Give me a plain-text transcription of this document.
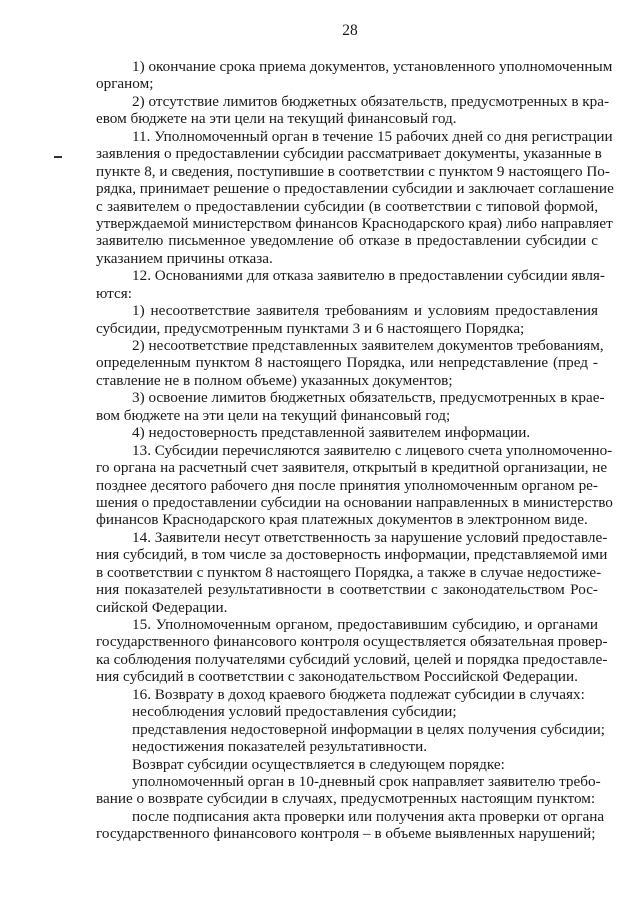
28
1) окончание срока приема документов, установленного уполномоченным
органом;
2) отсутствие лимитов бюджетных обязательств, предусмотренных в кра-
евом бюджете на эти цели на текущий финансовый год.
11. Уполномоченный орган в течение 15 рабочих дней со дня регистрации
заявления о предоставлении субсидии рассматривает документы, указанные в
пункте 8, и сведения, поступившие в соответствии с пунктом 9 настоящего По-
рядка, принимает решение о предоставлении субсидии и заключает соглашение
с заявителем о предоставлении субсидии (в соответствии с типовой формой,
утверждаемой министерством финансов Краснодарского края) либо направляет
заявителю письменное уведомление об отказе в предоставлении субсидии с
указанием причины отказа.
12. Основаниями для отказа заявителю в предоставлении субсидии явля-
ются:
1) несоответствие заявителя требованиям и условиям предоставления
субсидии, предусмотренным пунктами 3 и 6 настоящего Порядка;
2) несоответствие представленных заявителем документов требованиям,
определенным пунктом 8 настоящего Порядка, или непредставление (пред -
ставление не в полном объеме) указанных документов;
3) освоение лимитов бюджетных обязательств, предусмотренных в крае-
вом бюджете на эти цели на текущий финансовый год;
4) недостоверность представленной заявителем информации.
13. Субсидии перечисляются заявителю с лицевого счета уполномоченно-
го органа на расчетный счет заявителя, открытый в кредитной организации, не
позднее десятого рабочего дня после принятия уполномоченным органом ре-
шения о предоставлении субсидии на основании направленных в министерство
финансов Краснодарского края платежных документов в электронном виде.
14. Заявители несут ответственность за нарушение условий предоставле-
ния субсидий, в том числе за достоверность информации, представляемой ими
в соответствии с пунктом 8 настоящего Порядка, а также в случае недостиже-
ния показателей результативности в соответствии с законодательством Рос-
сийской Федерации.
15. Уполномоченным органом, предоставившим субсидию, и органами
государственного финансового контроля осуществляется обязательная провер-
ка соблюдения получателями субсидий условий, целей и порядка предоставле-
ния субсидий в соответствии с законодательством Российской Федерации.
16. Возврату в доход краевого бюджета подлежат субсидии в случаях:
несоблюдения условий предоставления субсидии;
представления недостоверной информации в целях получения субсидии;
недостижения показателей результативности.
Возврат субсидии осуществляется в следующем порядке:
уполномоченный орган в 10-дневный срок направляет заявителю требо-
вание о возврате субсидии в случаях, предусмотренных настоящим пунктом:
после подписания акта проверки или получения акта проверки от органа
государственного финансового контроля – в объеме выявленных нарушений;
